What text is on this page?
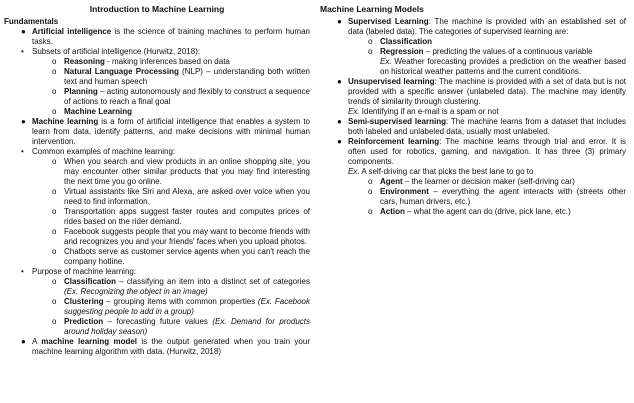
Introduction to Machine Learning
Fundamentals
● Artificial intelligence is the science of training machines to perform human tasks.
• Subsets of artificial intelligence (Hurwitz, 2018):
o Reasoning - making inferences based on data
o Natural Language Processing (NLP) – understanding both written text and human speech
o Planning – acting autonomously and flexibly to construct a sequence of actions to reach a final goal
o Machine Learning
● Machine learning is a form of artificial intelligence that enables a system to learn from data, identify patterns, and make decisions with minimal human intervention.
• Common examples of machine learning:
o When you search and view products in an online shopping site, you may encounter other similar products that you may find interesting the next time you go online.
o Virtual assistants like Siri and Alexa, are asked over voice when you need to find information.
o Transportation apps suggest faster routes and computes prices of rides based on the rider demand.
o Facebook suggests people that you may want to become friends with and recognizes you and your friends' faces when you upload photos.
o Chatbots serve as customer service agents when you can't reach the company hotline.
• Purpose of machine learning:
o Classification – classifying an item into a distinct set of categories (Ex. Recognizing the object in an image)
o Clustering – grouping items with common properties (Ex. Facebook suggesting people to add in a group)
o Prediction – forecasting future values (Ex. Demand for products around holiday season)
● A machine learning model is the output generated when you train your machine learning algorithm with data. (Hurwitz, 2018)
Machine Learning Models
● Supervised Learning: The machine is provided with an established set of data (labeled data). The categories of supervised learning are:
o Classification
o Regression – predicting the values of a continuous variable
Ex. Weather forecasting provides a prediction on the weather based on historical weather patterns and the current conditions.
● Unsupervised learning: The machine is provided with a set of data but is not provided with a specific answer (unlabeled data). The machine may identify trends of similarity through clustering.
Ex. Identifying if an e-mail is a spam or not
● Semi-supervised learning: The machine learns from a dataset that includes both labeled and unlabeled data, usually most unlabeled.
● Reinforcement learning: The machine learns through trial and error. It is often used for robotics, gaming, and navigation. It has three (3) primary components.
Ex. A self-driving car that picks the best lane to go to
o Agent – the learner or decision maker (self-driving car)
o Environment – everything the agent interacts with (streets other cars, human drivers, etc.)
o Action – what the agent can do (drive, pick lane, etc.)
